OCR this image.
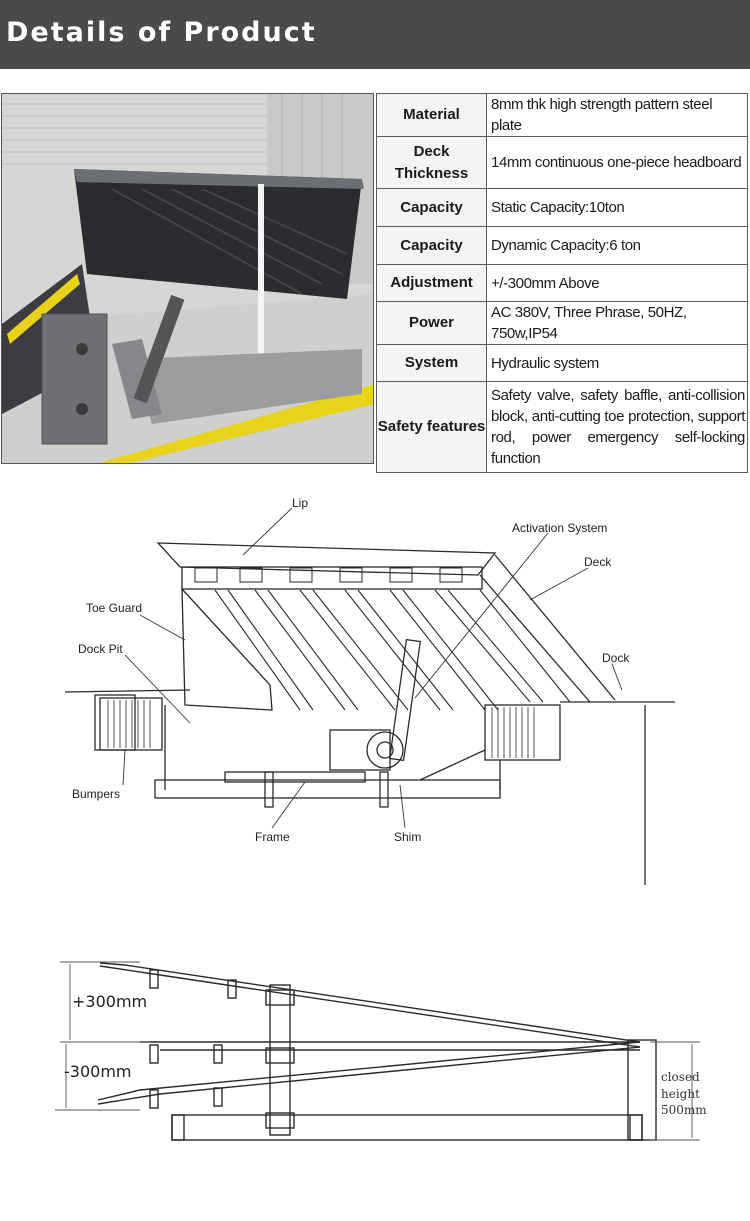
Details of Product
Material	8mm thk high strength pattern steel plate
Deck Thickness	14mm continuous one-piece headboard
Capacity	Static Capacity:10ton
Capacity	Dynamic Capacity:6 ton
Adjustment	+/-300mm Above
Power	AC 380V, Three Phrase, 50HZ, 750w,IP54
System	Hydraulic system
Safety features	Safety valve, safety baffle, anti-collision block, anti-cutting toe protection, support rod, power emergency self-locking function
Lip
Activation System
Deck
Dock
Toe Guard
Dock Pit
Bumpers
Frame	Shim
+300mm
-300mm	closed
height
500mm
